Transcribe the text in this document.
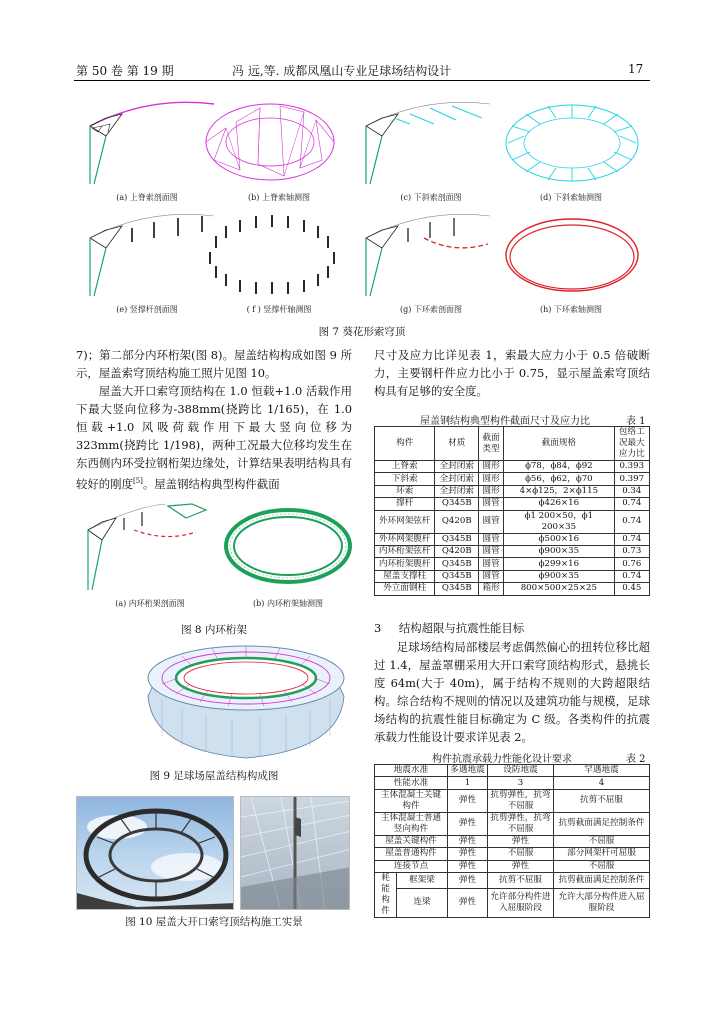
第 50 卷 第 19 期	冯 远,等. 成都凤凰山专业足球场结构设计	17
(a) 上脊索剖面图	(b) 上脊索轴测图	(c) 下斜索剖面图	(d) 下斜索轴测图
(e) 竖撑杆剖面图	( f ) 竖撑杆轴测图	(g) 下环索剖面图	(h) 下环索轴测图
图 7 葵花形索穹顶

7)；第二部分内环桁架(图 8)。屋盖结构构成如图 9 所示，屋盖索穹顶结构施工照片见图 10。

屋盖大开口索穹顶结构在 1.0 恒载+1.0 活载作用下最大竖向位移为-388mm(挠跨比 1/165)，在 1.0 恒载+1.0 风吸荷载作用下最大竖向位移为 323mm(挠跨比 1/198)，两种工况最大位移均发生在东西侧内环受拉钢桁架边缘处，计算结果表明结构具有较好的刚度[5]。屋盖钢结构典型构件截面

(a) 内环桁架剖面图	(b) 内环桁架轴测图
图 8 内环桁架
图 9 足球场屋盖结构构成图
图 10 屋盖大开口索穹顶结构施工实景

尺寸及应力比详见表 1，索最大应力小于 0.5 倍破断力，主要钢杆件应力比小于 0.75，显示屋盖索穹顶结构具有足够的安全度。

屋盖钢结构典型构件截面尺寸及应力比	表 1
构件	材质	截面类型	截面规格	包络工况最大应力比
上脊索	全封闭索	圆形	ϕ78，ϕ84，ϕ92	0.393
下斜索	全封闭索	圆形	ϕ56，ϕ62，ϕ70	0.397
环索	全封闭索	圆形	4×ϕ125，2×ϕ115	0.34
撑杆	Q345B	圆管	ϕ426×16	0.74
外环网架弦杆	Q420B	圆管	ϕ1 200×50，ϕ1 200×35	0.74
外环网架腹杆	Q345B	圆管	ϕ500×16	0.74
内环桁架弦杆	Q420B	圆管	ϕ900×35	0.73
内环桁架腹杆	Q345B	圆管	ϕ299×16	0.76
屋盖支撑柱	Q345B	圆管	ϕ900×35	0.74
外立面钢柱	Q345B	箱形	800×500×25×25	0.45
3 结构超限与抗震性能目标

足球场结构局部楼层考虑偶然偏心的扭转位移比超过 1.4，屋盖罩棚采用大开口索穹顶结构形式，悬挑长度 64m(大于 40m)，属于结构不规则的大跨超限结构。综合结构不规则的情况以及建筑功能与规模，足球场结构的抗震性能目标确定为 C 级。各类构件的抗震承载力性能设计要求详见表 2。

构件抗震承载力性能化设计要求	表 2
地震水准		多遇地震	设防地震	罕遇地震
性能水准		1	3	4
主体混凝土关键构件		弹性	抗剪弹性，抗弯不屈服	抗剪不屈服
主体混凝土普通竖向构件		弹性	抗剪弹性，抗弯不屈服	抗剪截面满足控制条件
屋盖关键构件		弹性	弹性	不屈服
屋盖普通构件		弹性	不屈服	部分网架杆可屈服
连接节点		弹性	弹性	不屈服
耗能构件	框架梁	弹性	抗剪不屈服	抗剪截面满足控制条件
	连梁	弹性	允许部分构件进入屈服阶段	允许大部分构件进入屈服阶段
